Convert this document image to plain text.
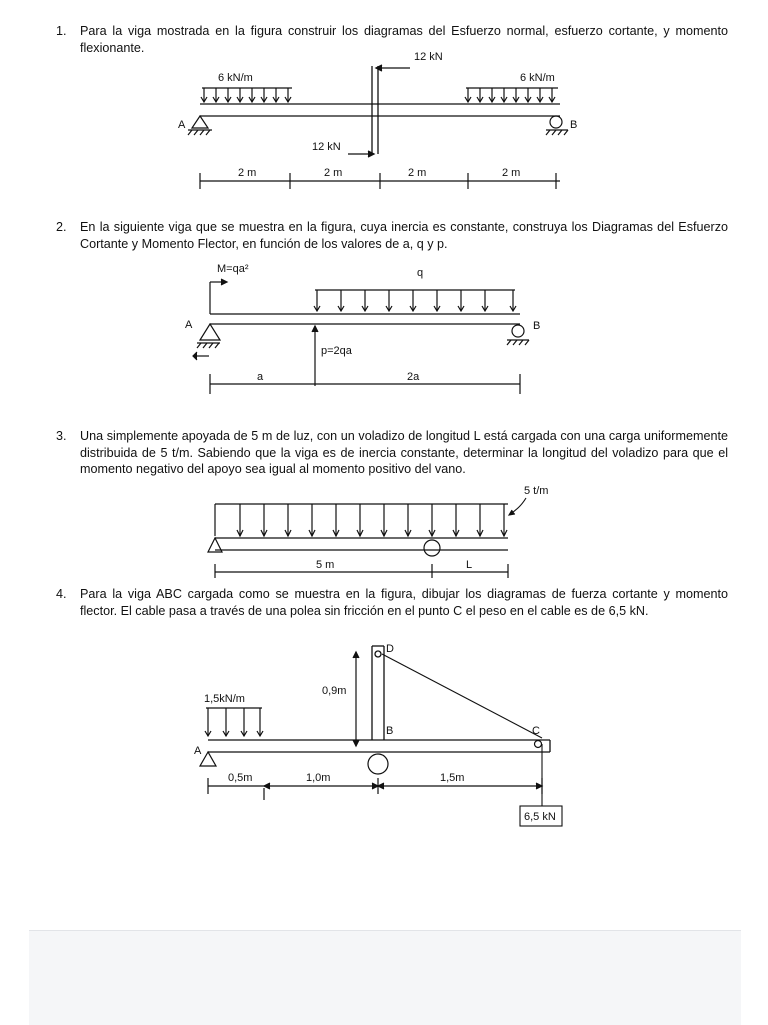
1. Para la viga mostrada en la figura construir los diagramas del Esfuerzo normal, esfuerzo cortante, y momento flexionante.
6 kN/m	6 kN/m
12 kN
12 kN
A	B
2 m	2 m	2 m	2 m
2. En la siguiente viga que se muestra en la figura, cuya inercia es constante, construya los Diagramas del Esfuerzo Cortante y Momento Flector, en función de los valores de a, q y p.
M=qa²	q
A	B
p=2qa
a	2a
3. Una simplemente apoyada de 5 m de luz, con un voladizo de longitud L está cargada con una carga uniformemente distribuida de 5 t/m. Sabiendo que la viga es de inercia constante, determinar la longitud del voladizo para que el momento negativo del apoyo sea igual al momento positivo del vano.
5 t/m
5 m	L
4. Para la viga ABC cargada como se muestra en la figura, dibujar los diagramas de fuerza cortante y momento flector. El cable pasa a través de una polea sin fricción en el punto C el peso en el cable es de 6,5 kN.
1,5kN/m
A
D
B
0,9m
C
6,5 kN
0,5m	1,0m	1,5m
